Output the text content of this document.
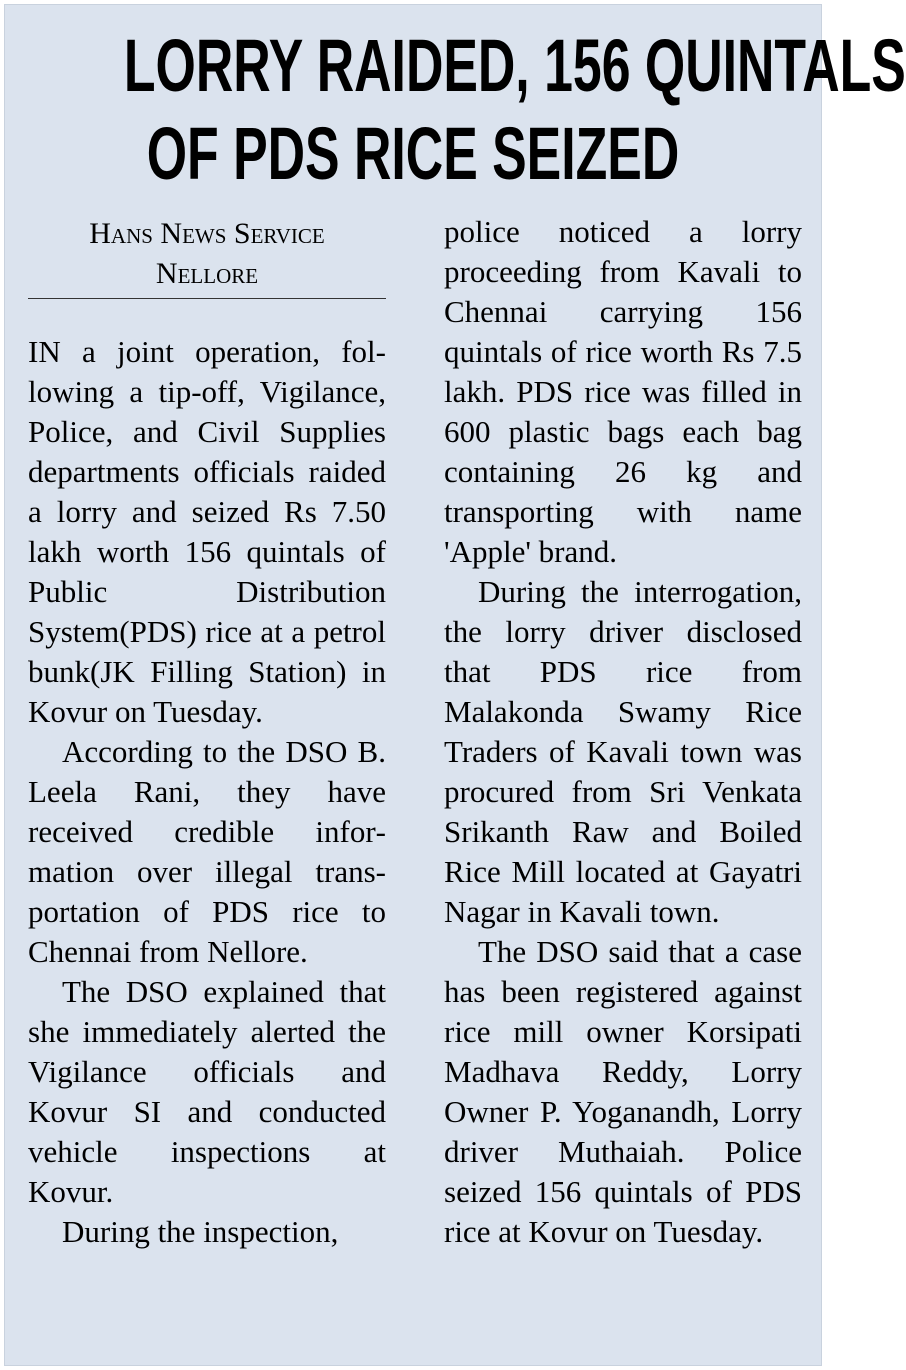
LORRY RAIDED, 156 QUINTALS
OF PDS RICE SEIZED
Hans News Service
Nellore

IN a joint operation, following a tip-off, Vigilance, Police, and Civil Supplies departments officials raided a lorry and seized Rs 7.50 lakh worth 156 quintals of Public Distribution System(PDS) rice at a petrol bunk(JK Filling Station) in Kovur on Tuesday.

According to the DSO B. Leela Rani, they have received credible information over illegal transportation of PDS rice to Chennai from Nellore.

The DSO explained that she immediately alerted the Vigilance officials and Kovur SI and conducted vehicle inspections at Kovur.

During the inspection,

police noticed a lorry proceeding from Kavali to Chennai carrying 156 quintals of rice worth Rs 7.5 lakh. PDS rice was filled in 600 plastic bags each bag containing 26 kg and transporting with name 'Apple' brand.

During the interrogation, the lorry driver disclosed that PDS rice from Malakonda Swamy Rice Traders of Kavali town was procured from Sri Venkata Srikanth Raw and Boiled Rice Mill located at Gayatri Nagar in Kavali town.

The DSO said that a case has been registered against rice mill owner Korsipati Madhava Reddy, Lorry Owner P. Yoganandh, Lorry driver Muthaiah. Police seized 156 quintals of PDS rice at Kovur on Tuesday.
